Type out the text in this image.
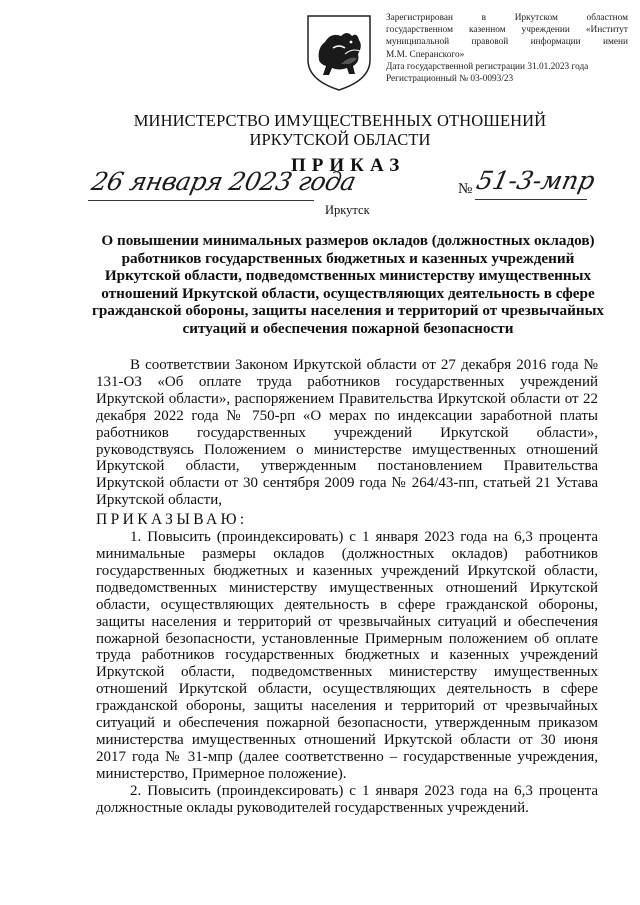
Зарегистрирован в Иркутском областном
государственном казенном учреждении «Институт
муниципальной правовой информации имени
М.М. Сперанского»
Дата государственной регистрации 31.01.2023 года
Регистрационный № 03-0093/23
МИНИСТЕРСТВО ИМУЩЕСТВЕННЫХ ОТНОШЕНИЙ
ИРКУТСКОЙ ОБЛАСТИ
ПРИКАЗ
26 января 2023 года	№ 51-3-мпр
Иркутск
О повышении минимальных размеров окладов (должностных окладов) работников государственных бюджетных и казенных учреждений Иркутской области, подведомственных министерству имущественных отношений Иркутской области, осуществляющих деятельность в сфере гражданской обороны, защиты населения и территорий от чрезвычайных ситуаций и обеспечения пожарной безопасности

В соответствии Законом Иркутской области от 27 декабря 2016 года № 131-ОЗ «Об оплате труда работников государственных учреждений Иркутской области», распоряжением Правительства Иркутской области от 22 декабря 2022 года № 750-рп «О мерах по индексации заработной платы работников государственных учреждений Иркутской области», руководствуясь Положением о министерстве имущественных отношений Иркутской области, утвержденным постановлением Правительства Иркутской области от 30 сентября 2009 года № 264/43-пп, статьей 21 Устава Иркутской области,

ПРИКАЗЫВАЮ:

1. Повысить (проиндексировать) с 1 января 2023 года на 6,3 процента минимальные размеры окладов (должностных окладов) работников государственных бюджетных и казенных учреждений Иркутской области, подведомственных министерству имущественных отношений Иркутской области, осуществляющих деятельность в сфере гражданской обороны, защиты населения и территорий от чрезвычайных ситуаций и обеспечения пожарной безопасности, установленные Примерным положением об оплате труда работников государственных бюджетных и казенных учреждений Иркутской области, подведомственных министерству имущественных отношений Иркутской области, осуществляющих деятельность в сфере гражданской обороны, защиты населения и территорий от чрезвычайных ситуаций и обеспечения пожарной безопасности, утвержденным приказом министерства имущественных отношений Иркутской области от 30 июня 2017 года № 31-мпр (далее соответственно – государственные учреждения, министерство, Примерное положение).

2. Повысить (проиндексировать) с 1 января 2023 года на 6,3 процента должностные оклады руководителей государственных учреждений.
